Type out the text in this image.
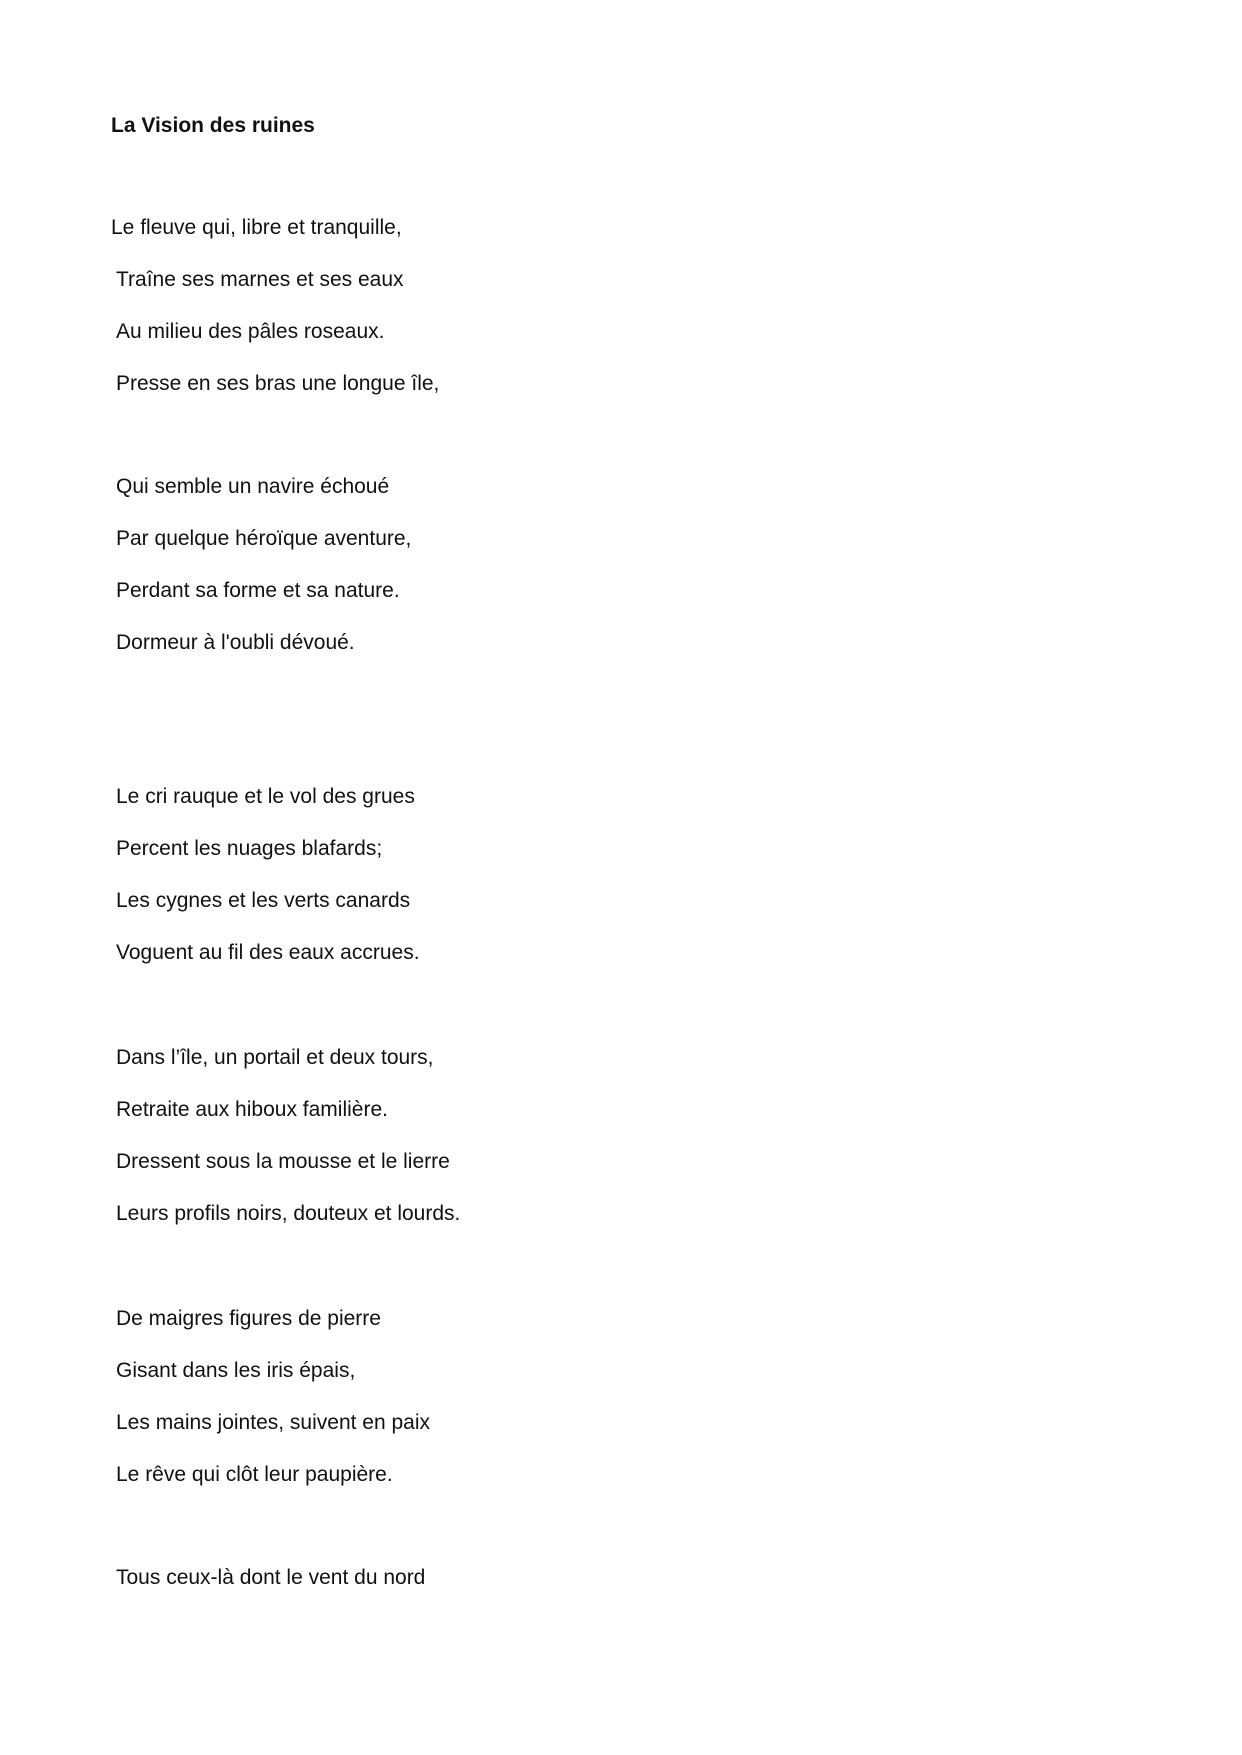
La Vision des ruines
Le fleuve qui, libre et tranquille,
Traîne ses marnes et ses eaux
Au milieu des pâles roseaux.
Presse en ses bras une longue île,
Qui semble un navire échoué
Par quelque héroïque aventure,
Perdant sa forme et sa nature.
Dormeur à l'oubli dévoué.
Le cri rauque et le vol des grues
Percent les nuages blafards;
Les cygnes et les verts canards
Voguent au fil des eaux accrues.
Dans l’île, un portail et deux tours,
Retraite aux hiboux familière.
Dressent sous la mousse et le lierre
Leurs profils noirs, douteux et lourds.
De maigres figures de pierre
Gisant dans les iris épais,
Les mains jointes, suivent en paix
Le rêve qui clôt leur paupière.
Tous ceux-là dont le vent du nord
